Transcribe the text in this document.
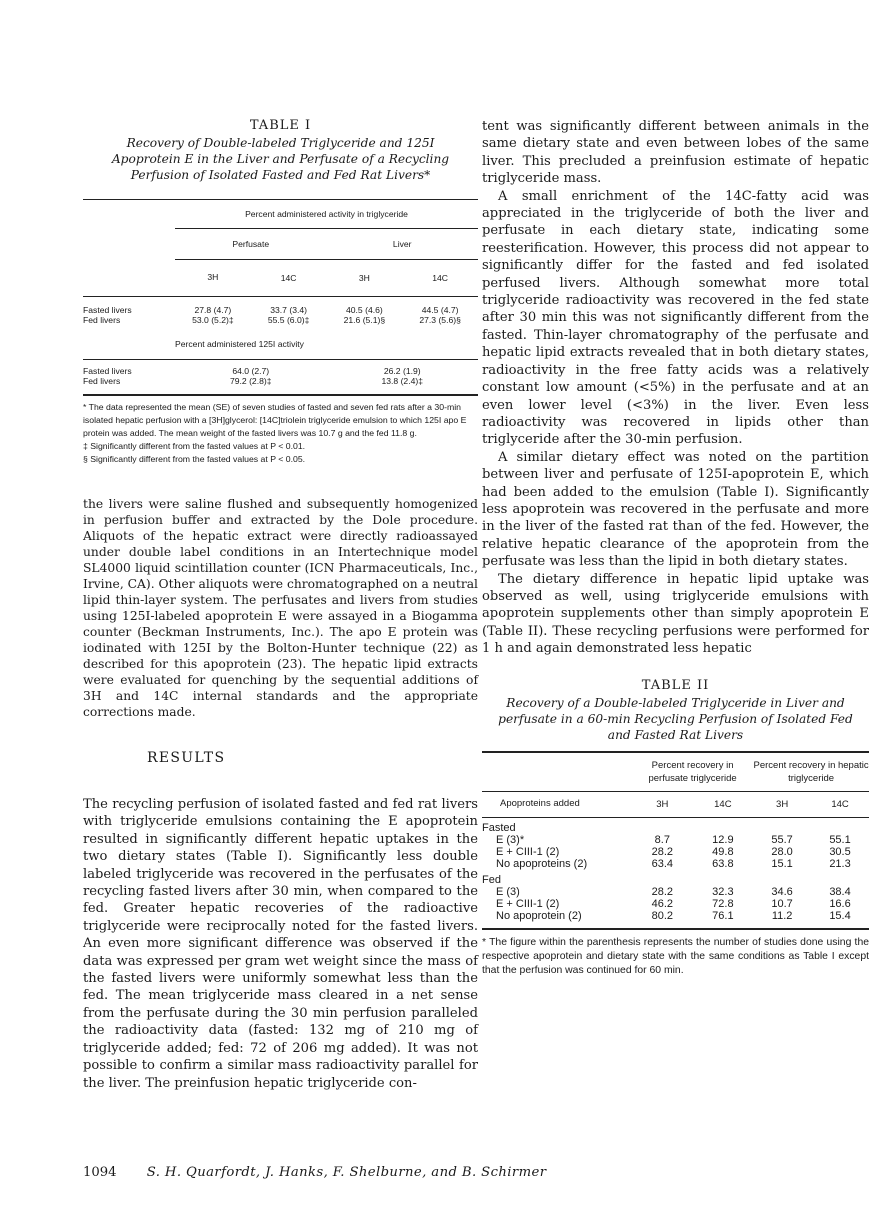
TABLE I
Recovery of Double-labeled Triglyceride and 125I Apoprotein E in the Liver and Perfusate of a Recycling Perfusion of Isolated Fasted and Fed Rat Livers*

	Percent administered activity in triglyceride			
	Perfusate		Liver	
	3H	14C	3H	14C

Fasted livers	27.8 (4.7)	33.7 (3.4)	40.5 (4.6)	44.5 (4.7)
Fed livers	53.0 (5.2)‡	55.5 (6.0)‡	21.6 (5.1)§	27.3 (5.6)§
	Percent administered 125I activity			

Fasted livers	64.0 (2.7)		26.2 (1.9)	
Fed livers	79.2 (2.8)‡		13.8 (2.4)‡	

* The data represented the mean (SE) of seven studies of fasted and seven fed rats after a 30-min isolated hepatic perfusion with a [3H]glycerol: [14C]triolein triglyceride emulsion to which 125I apo E protein was added. The mean weight of the fasted livers was 10.7 g and the fed 11.8 g.
‡ Significantly different from the fasted values at P < 0.01.
§ Significantly different from the fasted values at P < 0.05.

the livers were saline flushed and subsequently homogenized in perfusion buffer and extracted by the Dole procedure. Aliquots of the hepatic extract were directly radioassayed under double label conditions in an Intertechnique model SL4000 liquid scintillation counter (ICN Pharmaceuticals, Inc., Irvine, CA). Other aliquots were chromatographed on a neutral lipid thin-layer system. The perfusates and livers from studies using 125I-labeled apoprotein E were assayed in a Biogamma counter (Beckman Instruments, Inc.). The apo E protein was iodinated with 125I by the Bolton-Hunter technique (22) as described for this apoprotein (23). The hepatic lipid extracts were evaluated for quenching by the sequential additions of 3H and 14C internal standards and the appropriate corrections made.

RESULTS

The recycling perfusion of isolated fasted and fed rat livers with triglyceride emulsions containing the E apoprotein resulted in significantly different hepatic uptakes in the two dietary states (Table I). Significantly less double labeled triglyceride was recovered in the perfusates of the recycling fasted livers after 30 min, when compared to the fed. Greater hepatic recoveries of the radioactive triglyceride were reciprocally noted for the fasted livers. An even more significant difference was observed if the data was expressed per gram wet weight since the mass of the fasted livers were uniformly somewhat less than the fed. The mean triglyceride mass cleared in a net sense from the perfusate during the 30 min perfusion paralleled the radioactivity data (fasted: 132 mg of 210 mg of triglyceride added; fed: 72 of 206 mg added). It was not possible to confirm a similar mass radioactivity parallel for the liver. The preinfusion hepatic triglyceride con-

tent was significantly different between animals in the same dietary state and even between lobes of the same liver. This precluded a preinfusion estimate of hepatic triglyceride mass.

A small enrichment of the 14C-fatty acid was appreciated in the triglyceride of both the liver and perfusate in each dietary state, indicating some reesterification. However, this process did not appear to significantly differ for the fasted and fed isolated perfused livers. Although somewhat more total triglyceride radioactivity was recovered in the fed state after 30 min this was not significantly different from the fasted. Thin-layer chromatography of the perfusate and hepatic lipid extracts revealed that in both dietary states, radioactivity in the free fatty acids was a relatively constant low amount (<5%) in the perfusate and at an even lower level (<3%) in the liver. Even less radioactivity was recovered in lipids other than triglyceride after the 30-min perfusion.

A similar dietary effect was noted on the partition between liver and perfusate of 125I-apoprotein E, which had been added to the emulsion (Table I). Significantly less apoprotein was recovered in the perfusate and more in the liver of the fasted rat than of the fed. However, the relative hepatic clearance of the apoprotein from the perfusate was less than the lipid in both dietary states.

The dietary difference in hepatic lipid uptake was observed as well, using triglyceride emulsions with apoprotein supplements other than simply apoprotein E (Table II). These recycling perfusions were performed for 1 h and again demonstrated less hepatic

TABLE II
Recovery of a Double-labeled Triglyceride in Liver and perfusate in a 60-min Recycling Perfusion of Isolated Fed and Fasted Rat Livers

	Percent recovery in perfusate triglyceride		Percent recovery in hepatic triglyceride	
Apoproteins added	3H	14C	3H	14C

Fasted				
E (3)*	8.7	12.9	55.7	55.1
E + CIII-1 (2)	28.2	49.8	28.0	30.5
No apoproteins (2)	63.4	63.8	15.1	21.3
Fed				
E (3)	28.2	32.3	34.6	38.4
E + CIII-1 (2)	46.2	72.8	10.7	16.6
No apoprotein (2)	80.2	76.1	11.2	15.4

* The figure within the parenthesis represents the number of studies done using the respective apoprotein and dietary state with the same conditions as Table I except that the perfusion was continued for 60 min.
1094 S. H. Quarfordt, J. Hanks, F. Shelburne, and B. Schirmer
